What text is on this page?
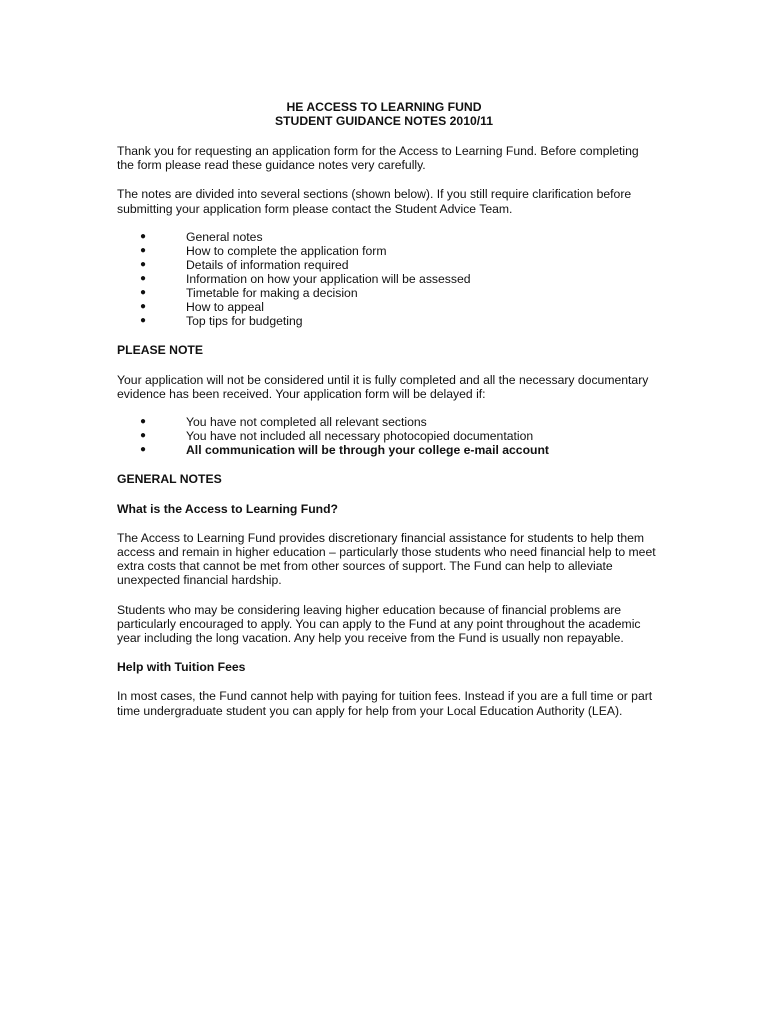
HE ACCESS TO LEARNING FUND

STUDENT GUIDANCE NOTES 2010/11

Thank you for requesting an application form for the Access to Learning Fund. Before completing the form please read these guidance notes very carefully.

The notes are divided into several sections (shown below). If you still require clarification before submitting your application form please contact the Student Advice Team.

●	General notes
●	How to complete the application form
●	Details of information required
●	Information on how your application will be assessed
●	Timetable for making a decision
●	How to appeal
●	Top tips for budgeting

PLEASE NOTE

Your application will not be considered until it is fully completed and all the necessary documentary evidence has been received. Your application form will be delayed if:

●	You have not completed all relevant sections
●	You have not included all necessary photocopied documentation
●	All communication will be through your college e-mail account

GENERAL NOTES

What is the Access to Learning Fund?

The Access to Learning Fund provides discretionary financial assistance for students to help them access and remain in higher education – particularly those students who need financial help to meet extra costs that cannot be met from other sources of support. The Fund can help to alleviate unexpected financial hardship.

Students who may be considering leaving higher education because of financial problems are particularly encouraged to apply. You can apply to the Fund at any point throughout the academic year including the long vacation. Any help you receive from the Fund is usually non repayable.

Help with Tuition Fees

In most cases, the Fund cannot help with paying for tuition fees. Instead if you are a full time or part time undergraduate student you can apply for help from your Local Education Authority (LEA).
